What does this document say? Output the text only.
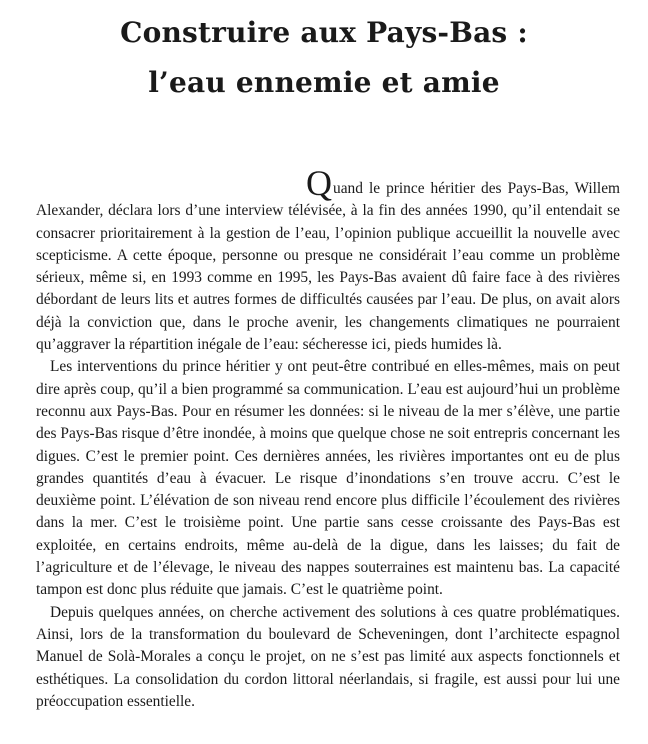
Construire aux Pays-Bas :
l’eau ennemie et amie

Quand le prince héritier des Pays-Bas, Willem Alexander, déclara lors d’une interview télévisée, à la fin des années 1990, qu’il entendait se consacrer prioritairement à la gestion de l’eau, l’opinion publique accueillit la nouvelle avec scepticisme. A cette époque, personne ou presque ne considérait l’eau comme un problème sérieux, même si, en 1993 comme en 1995, les Pays-Bas avaient dû faire face à des rivières débordant de leurs lits et autres formes de difficultés causées par l’eau. De plus, on avait alors déjà la conviction que, dans le proche avenir, les changements climatiques ne pourraient qu’aggraver la répartition inégale de l’eau: sécheresse ici, pieds humides là.

Les interventions du prince héritier y ont peut-être contribué en elles-mêmes, mais on peut dire après coup, qu’il a bien programmé sa communication. L’eau est aujourd’hui un problème reconnu aux Pays-Bas. Pour en résumer les données: si le niveau de la mer s’élève, une partie des Pays-Bas risque d’être inondée, à moins que quelque chose ne soit entrepris concernant les digues. C’est le premier point. Ces dernières années, les rivières importantes ont eu de plus grandes quantités d’eau à évacuer. Le risque d’inondations s’en trouve accru. C’est le deuxième point. L’élévation de son niveau rend encore plus difficile l’écoulement des rivières dans la mer. C’est le troisième point. Une partie sans cesse croissante des Pays-Bas est exploitée, en certains endroits, même au-delà de la digue, dans les laisses; du fait de l’agriculture et de l’élevage, le niveau des nappes souterraines est maintenu bas. La capacité tampon est donc plus réduite que jamais. C’est le quatrième point.

Depuis quelques années, on cherche activement des solutions à ces quatre problématiques. Ainsi, lors de la transformation du boulevard de Scheveningen, dont l’architecte espagnol Manuel de Solà-Morales a conçu le projet, on ne s’est pas limité aux aspects fonctionnels et esthétiques. La consolidation du cordon littoral néerlandais, si fragile, est aussi pour lui une préoccupation essentielle.
